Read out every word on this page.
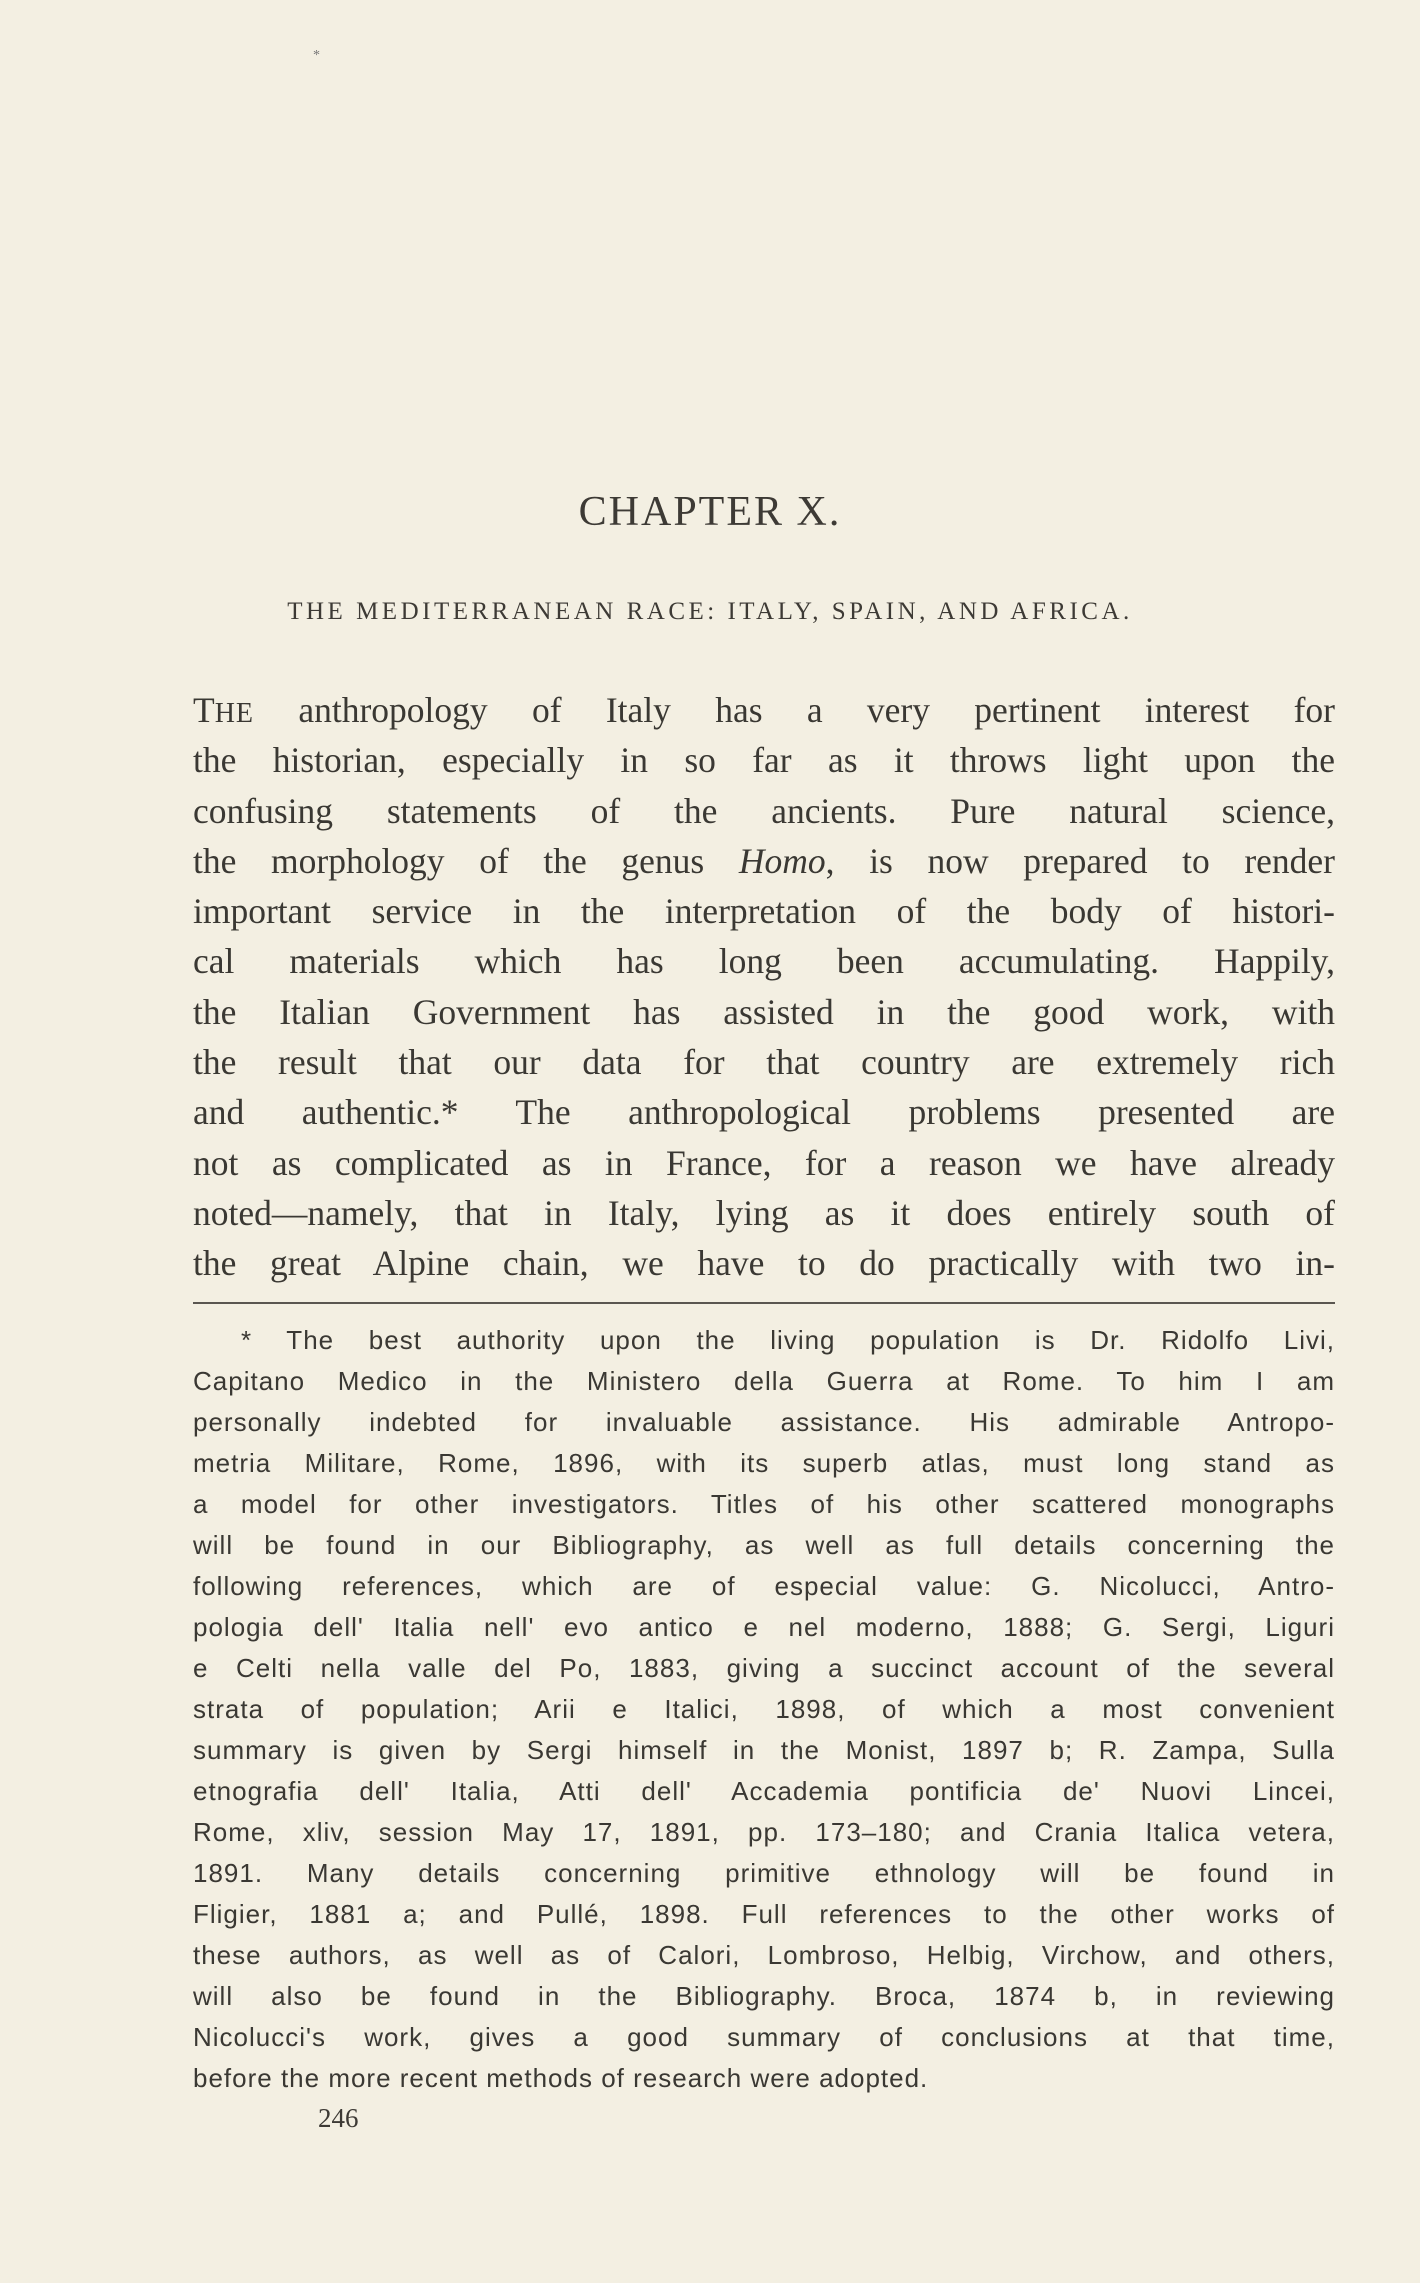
*
CHAPTER X.
THE MEDITERRANEAN RACE: ITALY, SPAIN, AND AFRICA.
THE anthropology of Italy has a very pertinent interest for
the historian, especially in so far as it throws light upon the
confusing statements of the ancients. Pure natural science,
the morphology of the genus Homo, is now prepared to render
important service in the interpretation of the body of histori-
cal materials which has long been accumulating. Happily,
the Italian Government has assisted in the good work, with
the result that our data for that country are extremely rich
and authentic.* The anthropological problems presented are
not as complicated as in France, for a reason we have already
noted—namely, that in Italy, lying as it does entirely south of
the great Alpine chain, we have to do practically with two in-
* The best authority upon the living population is Dr. Ridolfo Livi,
Capitano Medico in the Ministero della Guerra at Rome. To him I am
personally indebted for invaluable assistance. His admirable Antropo-
metria Militare, Rome, 1896, with its superb atlas, must long stand as
a model for other investigators. Titles of his other scattered monographs
will be found in our Bibliography, as well as full details concerning the
following references, which are of especial value: G. Nicolucci, Antro-
pologia dell' Italia nell' evo antico e nel moderno, 1888; G. Sergi, Liguri
e Celti nella valle del Po, 1883, giving a succinct account of the several
strata of population; Arii e Italici, 1898, of which a most convenient
summary is given by Sergi himself in the Monist, 1897 b; R. Zampa, Sulla
etnografia dell' Italia, Atti dell' Accademia pontificia de' Nuovi Lincei,
Rome, xliv, session May 17, 1891, pp. 173–180; and Crania Italica vetera,
1891. Many details concerning primitive ethnology will be found in
Fligier, 1881 a; and Pullé, 1898. Full references to the other works of
these authors, as well as of Calori, Lombroso, Helbig, Virchow, and others,
will also be found in the Bibliography. Broca, 1874 b, in reviewing
Nicolucci's work, gives a good summary of conclusions at that time,
before the more recent methods of research were adopted.

246
